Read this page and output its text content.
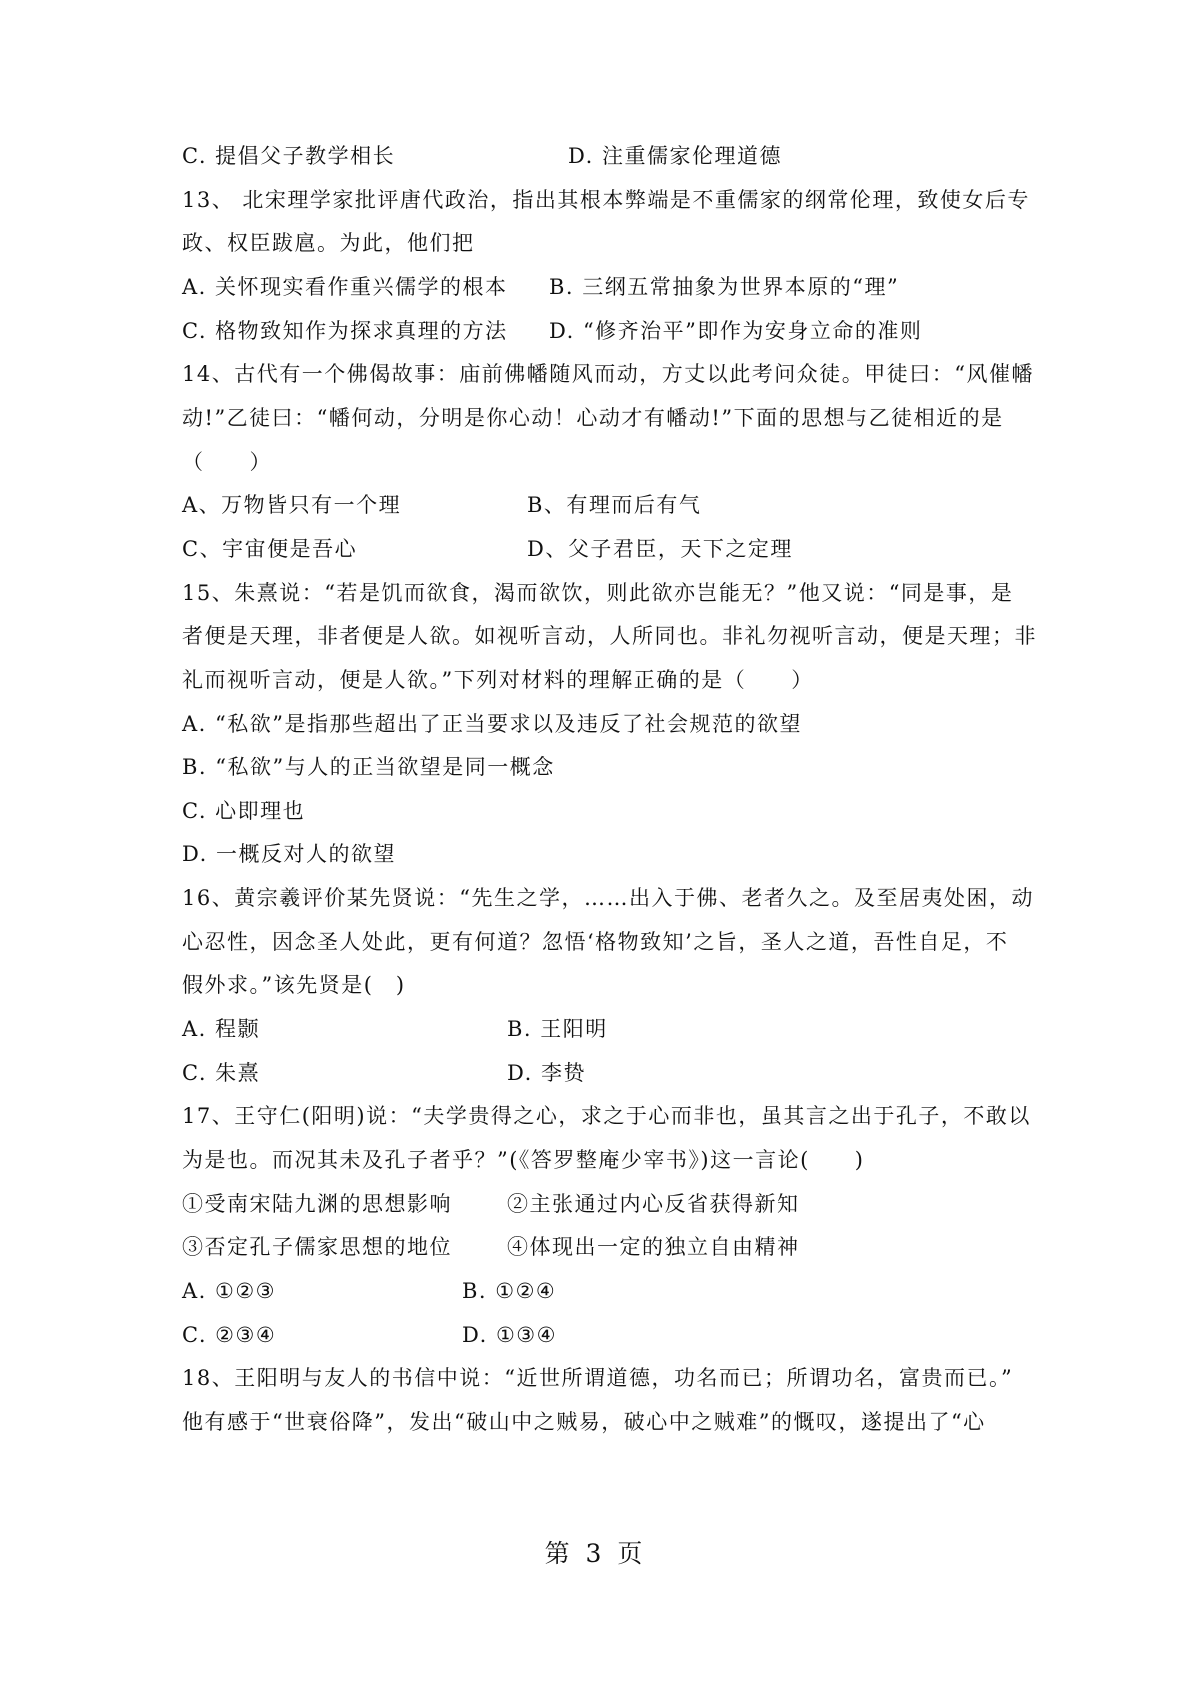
C. 提倡父子教学相长	D. 注重儒家伦理道德
13、 北宋理学家批评唐代政治，指出其根本弊端是不重儒家的纲常伦理，致使女后专
政、权臣跋扈。为此，他们把
A. 关怀现实看作重兴儒学的根本 B. 三纲五常抽象为世界本原的“理”
C. 格物致知作为探求真理的方法 D. “修齐治平”即作为安身立命的准则
14、古代有一个佛偈故事：庙前佛幡随风而动，方丈以此考问众徒。甲徒曰：“风催幡
动!”乙徒曰：“幡何动，分明是你心动！心动才有幡动!”下面的思想与乙徒相近的是
（　　）
A、万物皆只有一个理	B、有理而后有气
C、宇宙便是吾心	D、父子君臣，天下之定理
15、朱熹说：“若是饥而欲食，渴而欲饮，则此欲亦岂能无？”他又说：“同是事，是
者便是天理，非者便是人欲。如视听言动，人所同也。非礼勿视听言动，便是天理；非
礼而视听言动，便是人欲。”下列对材料的理解正确的是（　　）
A. “私欲”是指那些超出了正当要求以及违反了社会规范的欲望
B. “私欲”与人的正当欲望是同一概念
C. 心即理也
D. 一概反对人的欲望
16、黄宗羲评价某先贤说：“先生之学，……出入于佛、老者久之。及至居夷处困，动
心忍性，因念圣人处此，更有何道？忽悟‘格物致知’之旨，圣人之道，吾性自足，不
假外求。”该先贤是(　)
A. 程颢	B. 王阳明
C. 朱熹	D. 李贽
17、王守仁(阳明)说：“夫学贵得之心，求之于心而非也，虽其言之出于孔子，不敢以
为是也。而况其未及孔子者乎？”(《答罗整庵少宰书》)这一言论(　　)
①受南宋陆九渊的思想影响	②主张通过内心反省获得新知
③否定孔子儒家思想的地位	④体现出一定的独立自由精神
A. ①②③	B. ①②④
C. ②③④	D. ①③④
18、王阳明与友人的书信中说：“近世所谓道德，功名而已；所谓功名，富贵而已。”
他有感于“世衰俗降”，发出“破山中之贼易，破心中之贼难”的慨叹，遂提出了“心
第 3 页
